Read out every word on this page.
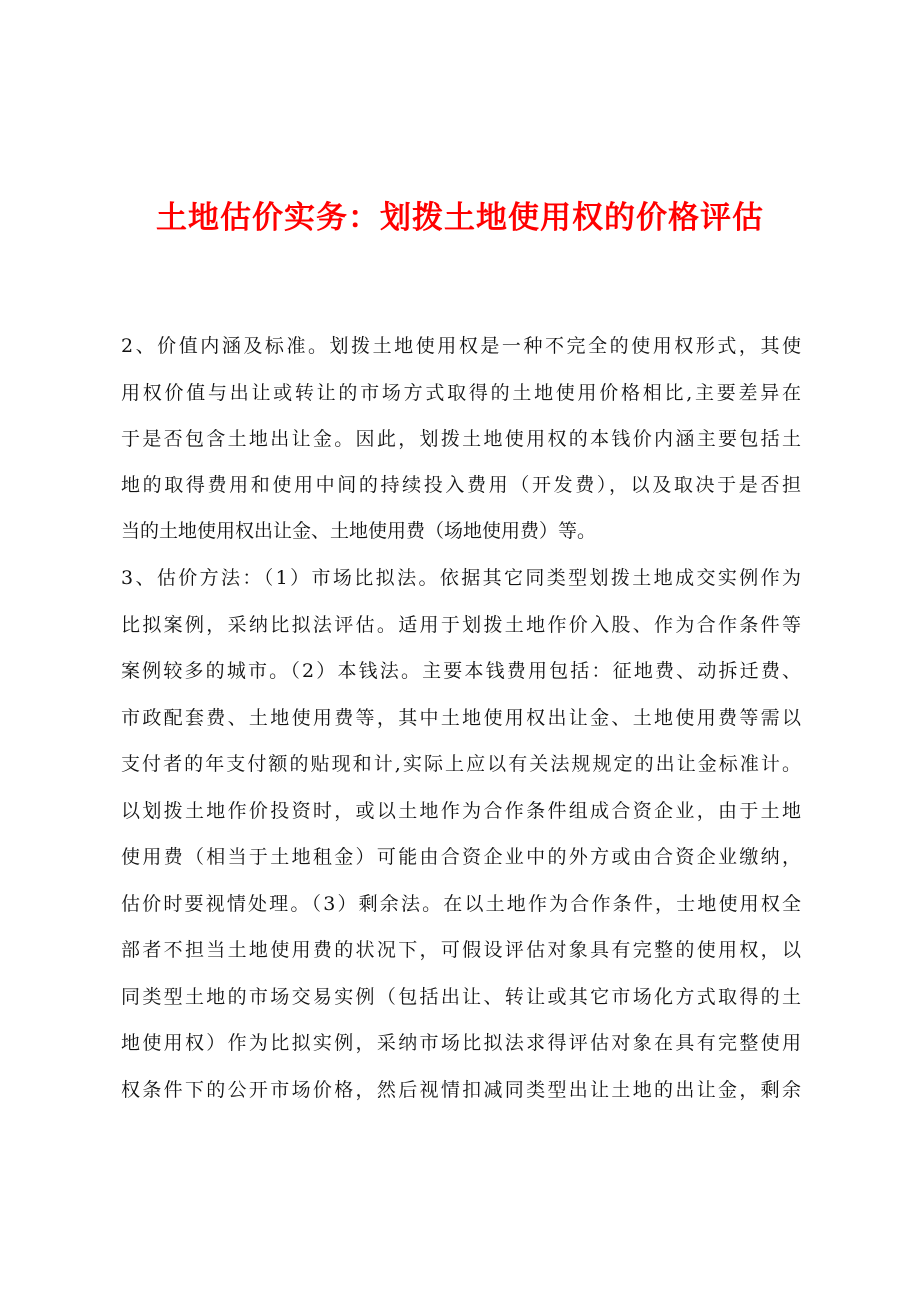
土地估价实务：划拨土地使用权的价格评估
2、价值内涵及标准。划拨土地使用权是一种不完全的使用权形式，其使
用权价值与出让或转让的市场方式取得的土地使用价格相比,主要差异在
于是否包含土地出让金。因此，划拨土地使用权的本钱价内涵主要包括土
地的取得费用和使用中间的持续投入费用（开发费），以及取决于是否担
当的土地使用权出让金、土地使用费（场地使用费）等。
3、估价方法：（1）市场比拟法。依据其它同类型划拨土地成交实例作为
比拟案例，采纳比拟法评估。适用于划拨土地作价入股、作为合作条件等
案例较多的城市。（2）本钱法。主要本钱费用包括：征地费、动拆迁费、
市政配套费、土地使用费等，其中土地使用权出让金、土地使用费等需以
支付者的年支付额的贴现和计,实际上应以有关法规规定的出让金标准计。
以划拨土地作价投资时，或以土地作为合作条件组成合资企业，由于土地
使用费（相当于土地租金）可能由合资企业中的外方或由合资企业缴纳，
估价时要视情处理。（3）剩余法。在以土地作为合作条件，士地使用权全
部者不担当土地使用费的状况下，可假设评估对象具有完整的使用权，以
同类型土地的市场交易实例（包括出让、转让或其它市场化方式取得的土
地使用权）作为比拟实例，采纳市场比拟法求得评估对象在具有完整使用
权条件下的公开市场价格，然后视情扣减同类型出让土地的出让金，剩余
